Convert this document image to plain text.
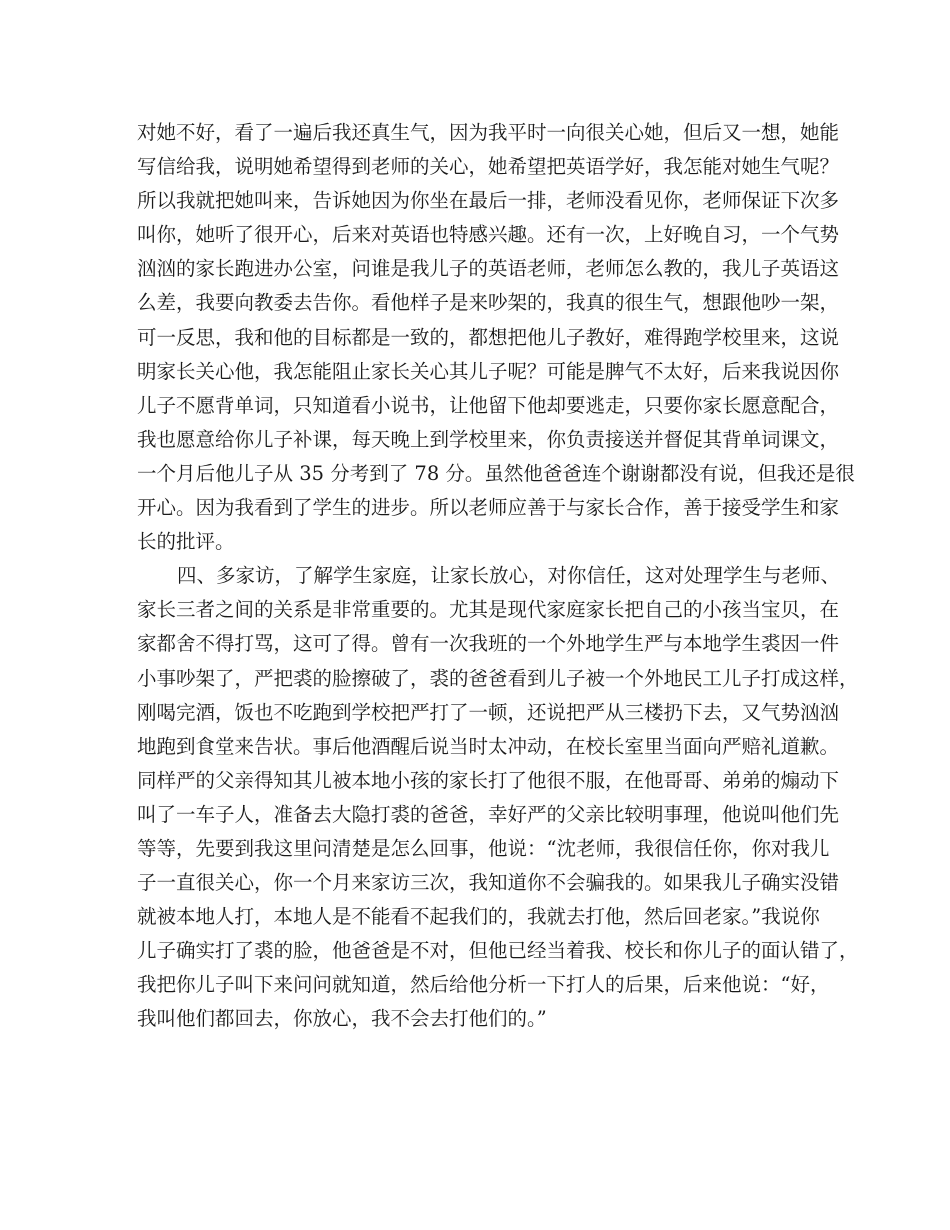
对她不好，看了一遍后我还真生气，因为我平时一向很关心她，但后又一想，她能
写信给我，说明她希望得到老师的关心，她希望把英语学好，我怎能对她生气呢？
所以我就把她叫来，告诉她因为你坐在最后一排，老师没看见你，老师保证下次多
叫你，她听了很开心，后来对英语也特感兴趣。还有一次，上好晚自习，一个气势
汹汹的家长跑进办公室，问谁是我儿子的英语老师，老师怎么教的，我儿子英语这
么差，我要向教委去告你。看他样子是来吵架的，我真的很生气，想跟他吵一架，
可一反思，我和他的目标都是一致的，都想把他儿子教好，难得跑学校里来，这说
明家长关心他，我怎能阻止家长关心其儿子呢？可能是脾气不太好，后来我说因你
儿子不愿背单词，只知道看小说书，让他留下他却要逃走，只要你家长愿意配合，
我也愿意给你儿子补课，每天晚上到学校里来，你负责接送并督促其背单词课文，
一个月后他儿子从 35 分考到了 78 分。虽然他爸爸连个谢谢都没有说，但我还是很
开心。因为我看到了学生的进步。所以老师应善于与家长合作，善于接受学生和家
长的批评。
四、多家访，了解学生家庭，让家长放心，对你信任，这对处理学生与老师、
家长三者之间的关系是非常重要的。尤其是现代家庭家长把自己的小孩当宝贝，在
家都舍不得打骂，这可了得。曾有一次我班的一个外地学生严与本地学生裘因一件
小事吵架了，严把裘的脸擦破了，裘的爸爸看到儿子被一个外地民工儿子打成这样，
刚喝完酒，饭也不吃跑到学校把严打了一顿，还说把严从三楼扔下去，又气势汹汹
地跑到食堂来告状。事后他酒醒后说当时太冲动，在校长室里当面向严赔礼道歉。
同样严的父亲得知其儿被本地小孩的家长打了他很不服，在他哥哥、弟弟的煽动下
叫了一车子人，准备去大隐打裘的爸爸，幸好严的父亲比较明事理，他说叫他们先
等等，先要到我这里问清楚是怎么回事，他说：“沈老师，我很信任你，你对我儿
子一直很关心，你一个月来家访三次，我知道你不会骗我的。如果我儿子确实没错
就被本地人打，本地人是不能看不起我们的，我就去打他，然后回老家。”我说你
儿子确实打了裘的脸，他爸爸是不对，但他已经当着我、校长和你儿子的面认错了，
我把你儿子叫下来问问就知道，然后给他分析一下打人的后果，后来他说：“好，
我叫他们都回去，你放心，我不会去打他们的。”
